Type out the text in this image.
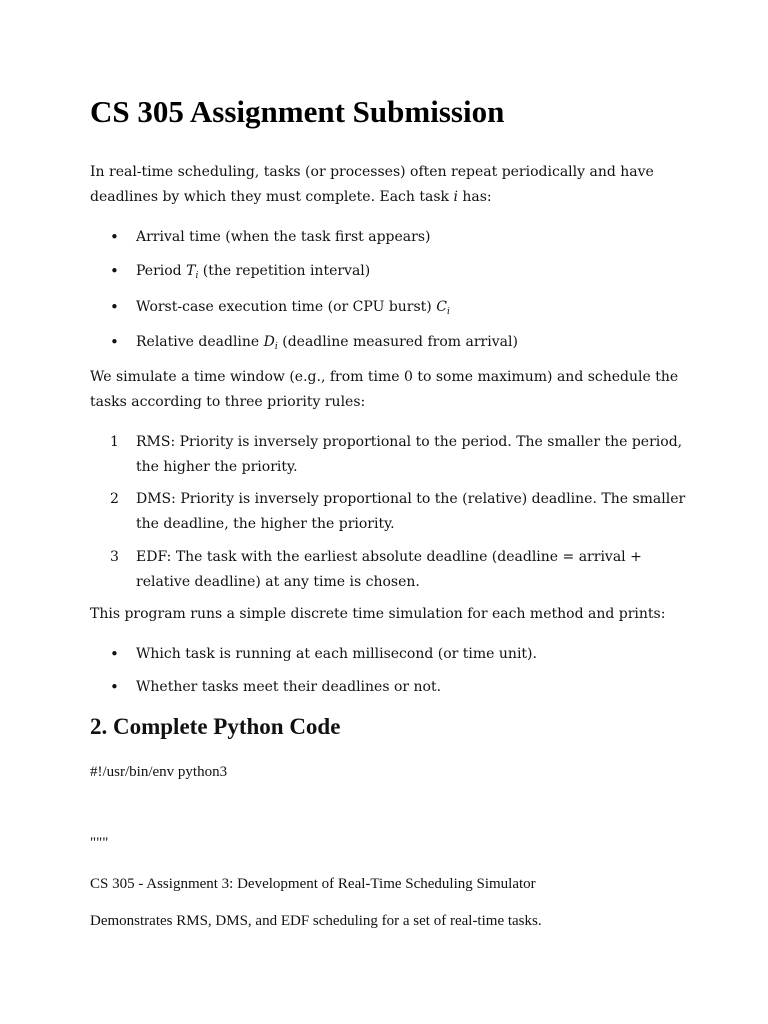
CS 305 Assignment Submission

In real-time scheduling, tasks (or processes) often repeat periodically and have deadlines by which they must complete. Each task i has:

• Arrival time (when the task first appears)
• Period $T_i$ (the repetition interval)
• Worst-case execution time (or CPU burst) $C_i$
• Relative deadline $D_i$ (deadline measured from arrival)

We simulate a time window (e.g., from time 0 to some maximum) and schedule the tasks according to three priority rules:

1 RMS: Priority is inversely proportional to the period. The smaller the period, the higher the priority.
2 DMS: Priority is inversely proportional to the (relative) deadline. The smaller the deadline, the higher the priority.
3 EDF: The task with the earliest absolute deadline (deadline = arrival + relative deadline) at any time is chosen.

This program runs a simple discrete time simulation for each method and prints:

• Which task is running at each millisecond (or time unit).
• Whether tasks meet their deadlines or not.
2. Complete Python Code

#!/usr/bin/env python3

"""

CS 305 - Assignment 3: Development of Real-Time Scheduling Simulator

Demonstrates RMS, DMS, and EDF scheduling for a set of real-time tasks.
